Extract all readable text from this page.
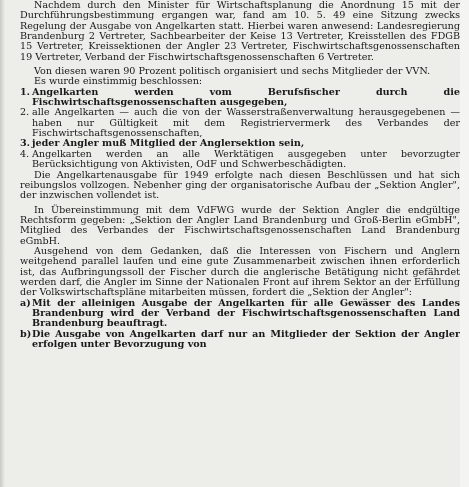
Nachdem durch den Minister für Wirtschaftsplanung die Anordnung 15 mit der Durchführungsbestimmung ergangen war, fand am 10. 5. 49 eine Sitzung zwecks Regelung der Ausgabe von Angelkarten statt. Hierbei waren anwesend: Landesregierung Brandenburg 2 Vertreter, Sachbearbeiter der Keise 13 Vertreter, Kreisstellen des FDGB 15 Vertreter, Kreissektionen der Angler 23 Vertreter, Fischwirtschaftsgenossenschaften 19 Vertreter, Verband der Fischwirtschaftsgenossenschaften 6 Vertreter.

Von diesen waren 90 Prozent politisch organisiert und sechs Mitglieder der VVN.

Es wurde einstimmig beschlossen:

1. Angelkarten werden vom Berufsfischer durch die Fischwirtschaftsgenossenschaften ausgegeben,
2. alle Angelkarten — auch die von der Wasserstraßenverwaltung herausgegebenen — haben nur Gültigkeit mit dem Registriervermerk des Verbandes der Fischwirtschaftsgenossenschaften,
3. jeder Angler muß Mitglied der Anglersektion sein,
4. Angelkarten werden an alle Werktätigen ausgegeben unter bevorzugter Berücksichtigung von Aktivisten, OdF und Schwerbeschädigten.

Die Angelkartenausgabe für 1949 erfolgte nach diesen Beschlüssen und hat sich reibungslos vollzogen. Nebenher ging der organisatorische Aufbau der „Sektion Angler", der inzwischen vollendet ist.

In Übereinstimmung mit dem VdFWG wurde der Sektion Angler die endgültige Rechtsform gegeben: „Sektion der Angler Land Brandenburg und Groß-Berlin eGmbH", Mitglied des Verbandes der Fischwirtschaftsgenossenschaften Land Brandenburg eGmbH.

Ausgehend von dem Gedanken, daß die Interessen von Fischern und Anglern weitgehend parallel laufen und eine gute Zusammenarbeit zwischen ihnen erforderlich ist, das Aufbringungssoll der Fischer durch die anglerische Betätigung nicht gefährdet werden darf, die Angler im Sinne der Nationalen Front auf ihrem Sektor an der Erfüllung der Volkswirtschaftspläne mitarbeiten müssen, fordert die „Sektion der Angler":

a) Mit der alleinigen Ausgabe der Angelkarten für alle Gewässer des Landes Brandenburg wird der Verband der Fischwirtschaftsgenossenschaften Land Brandenburg beauftragt.
b) Die Ausgabe von Angelkarten darf nur an Mitglieder der Sektion der Angler erfolgen unter Bevorzugung von
